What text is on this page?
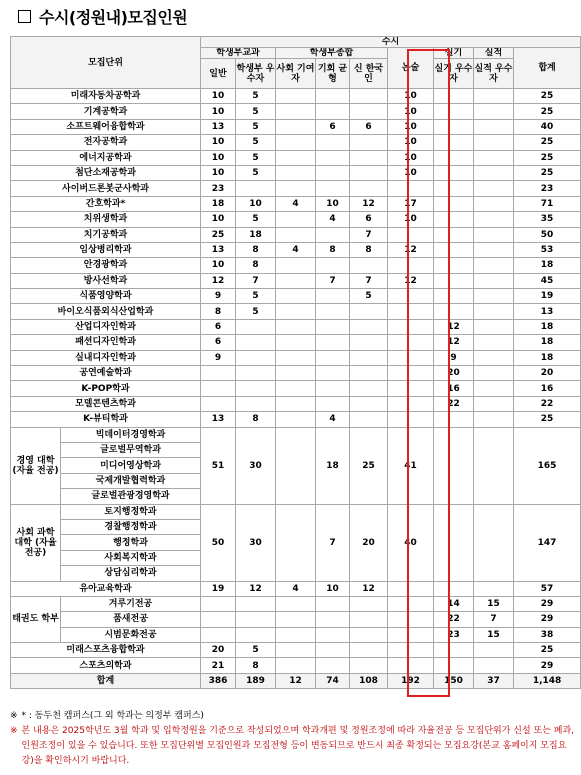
수시(정원내)모집인원
모집단위		수시								
		학생부교과		학생부종합			논술	실기	실적	합계
		일반	학생부 우수자	사회 기여자	기회 균형	신 한국인		실기 우수자	실적 우수자	
미래자동차공학과		10	5				10			25
기계공학과		10	5				10			25
소프트웨어융합학과		13	5		6	6	10			40
전자공학과		10	5				10			25
에너지공학과		10	5				10			25
첨단소재공학과		10	5				10			25
사이버드론봇군사학과		23								23
간호학과*		18	10	4	10	12	17			71
치위생학과		10	5		4	6	10			35
치기공학과		25	18			7				50
임상병리학과		13	8	4	8	8	12			53
안경광학과		10	8							18
방사선학과		12	7		7	7	12			45
식품영양학과		9	5			5				19
바이오식품외식산업학과		8	5							13
산업디자인학과		6						12		18
패션디자인학과		6						12		18
실내디자인학과		9						9		18
공연예술학과								20		20
K-POP학과								16		16
모델콘텐츠학과								22		22
K-뷰티학과		13	8		4					25
경영 대학 (자율 전공)	빅데이터경영학과	51	30		18	25	41			165
	글로벌무역학과									
	미디어영상학과									
	국제개발협력학과									
	글로벌관광경영학과									
사회 과학 대학 (자율 전공)	토지행정학과	50	30		7	20	40			147
	경찰행정학과									
	행정학과									
	사회복지학과									
	상담심리학과									
유아교육학과		19	12	4	10	12				57
태권도 학부	겨루기전공							14	15	29
	품새전공							22	7	29
	시범문화전공							23	15	38
미래스포츠융합학과		20	5							25
스포츠의학과		21	8							29
합계		386	189	12	74	108	192	150	37	1,148
※ * : 동두천 캠퍼스(그 외 학과는 의정부 캠퍼스)
※ 본 내용은 2025학년도 3월 학과 및 입학정원을 기준으로 작성되었으며 학과개편 및 정원조정에 따라 자율전공 등 모집단위가 신설 또는 폐과, 인원조정이 있을 수 있습니다. 또한 모집단위별 모집인원과 모집전형 등이 변동되므로 반드시 최종 확정되는 모집요강(본교 홈페이지 모집요강)을 확인하시기 바랍니다.
